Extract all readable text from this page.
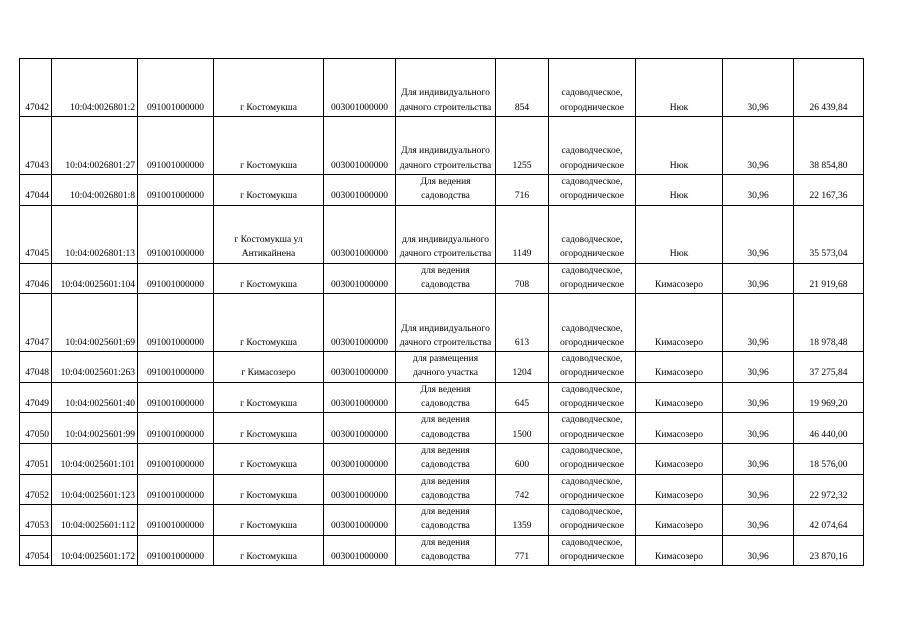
47042	10:04:0026801:2	091001000000	г Костомукша	003001000000	Для индивидуального дачного строительства	854	садоводческое, огородническое	Нюк	30,96	26 439,84
47043	10:04:0026801:27	091001000000	г Костомукша	003001000000	Для индивидуального дачного строительства	1255	садоводческое, огородническое	Нюк	30,96	38 854,80
47044	10:04:0026801:8	091001000000	г Костомукша	003001000000	Для ведения садоводства	716	садоводческое, огородническое	Нюк	30,96	22 167,36
47045	10:04:0026801:13	091001000000	г Костомукша ул Антикайнена	003001000000	для индивидуального дачного строительства	1149	садоводческое, огородническое	Нюк	30,96	35 573,04
47046	10:04:0025601:104	091001000000	г Костомукша	003001000000	для ведения садоводства	708	садоводческое, огородническое	Кимасозеро	30,96	21 919,68
47047	10:04:0025601:69	091001000000	г Костомукша	003001000000	Для индивидуального дачного строительства	613	садоводческое, огородническое	Кимасозеро	30,96	18 978,48
47048	10:04:0025601:263	091001000000	г Кимасозеро	003001000000	для размещения дачного участка	1204	садоводческое, огородническое	Кимасозеро	30,96	37 275,84
47049	10:04:0025601:40	091001000000	г Костомукша	003001000000	Для ведения садоводства	645	садоводческое, огородническое	Кимасозеро	30,96	19 969,20
47050	10:04:0025601:99	091001000000	г Костомукша	003001000000	для ведения садоводства	1500	садоводческое, огородническое	Кимасозеро	30,96	46 440,00
47051	10:04:0025601:101	091001000000	г Костомукша	003001000000	для ведения садоводства	600	садоводческое, огородническое	Кимасозеро	30,96	18 576,00
47052	10:04:0025601:123	091001000000	г Костомукша	003001000000	для ведения садоводства	742	садоводческое, огородническое	Кимасозеро	30,96	22 972,32
47053	10:04:0025601:112	091001000000	г Костомукша	003001000000	для ведения садоводства	1359	садоводческое, огородническое	Кимасозеро	30,96	42 074,64
47054	10:04:0025601:172	091001000000	г Костомукша	003001000000	для ведения садоводства	771	садоводческое, огородническое	Кимасозеро	30,96	23 870,16
